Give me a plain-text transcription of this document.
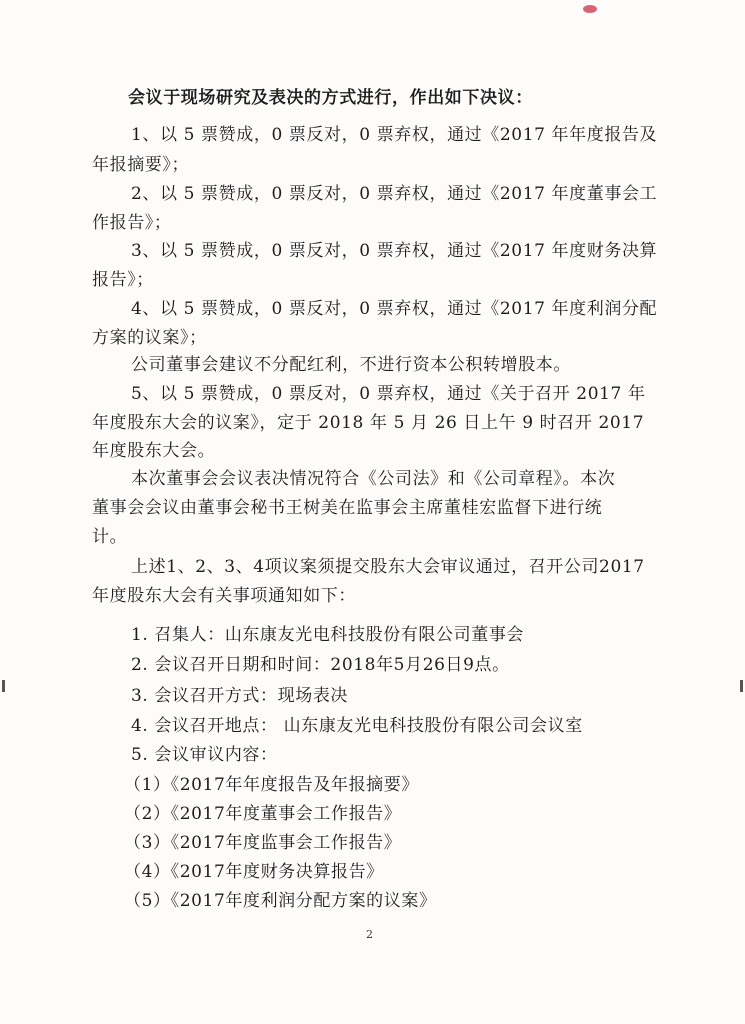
会议于现场研究及表决的方式进行，作出如下决议：
1、以 5 票赞成，0 票反对，0 票弃权，通过《2017 年年度报告及
年报摘要》；
2、以 5 票赞成，0 票反对，0 票弃权，通过《2017 年度董事会工
作报告》；
3、以 5 票赞成，0 票反对，0 票弃权，通过《2017 年度财务决算
报告》；
4、以 5 票赞成，0 票反对，0 票弃权，通过《2017 年度利润分配
方案的议案》；
公司董事会建议不分配红利，不进行资本公积转增股本。
5、以 5 票赞成，0 票反对，0 票弃权，通过《关于召开 2017 年
年度股东大会的议案》，定于 2018 年 5 月 26 日上午 9 时召开 2017
年度股东大会。
本次董事会会议表决情况符合《公司法》和《公司章程》。本次
董事会会议由董事会秘书王树美在监事会主席董桂宏监督下进行统
计。
上述1、2、3、4项议案须提交股东大会审议通过，召开公司2017
年度股东大会有关事项通知如下：
1. 召集人：山东康友光电科技股份有限公司董事会
2. 会议召开日期和时间：2018年5月26日9点。
3. 会议召开方式：现场表决
4. 会议召开地点： 山东康友光电科技股份有限公司会议室
5. 会议审议内容：
（1）《2017年年度报告及年报摘要》
（2）《2017年度董事会工作报告》
（3）《2017年度监事会工作报告》
（4）《2017年度财务决算报告》
（5）《2017年度利润分配方案的议案》
2
